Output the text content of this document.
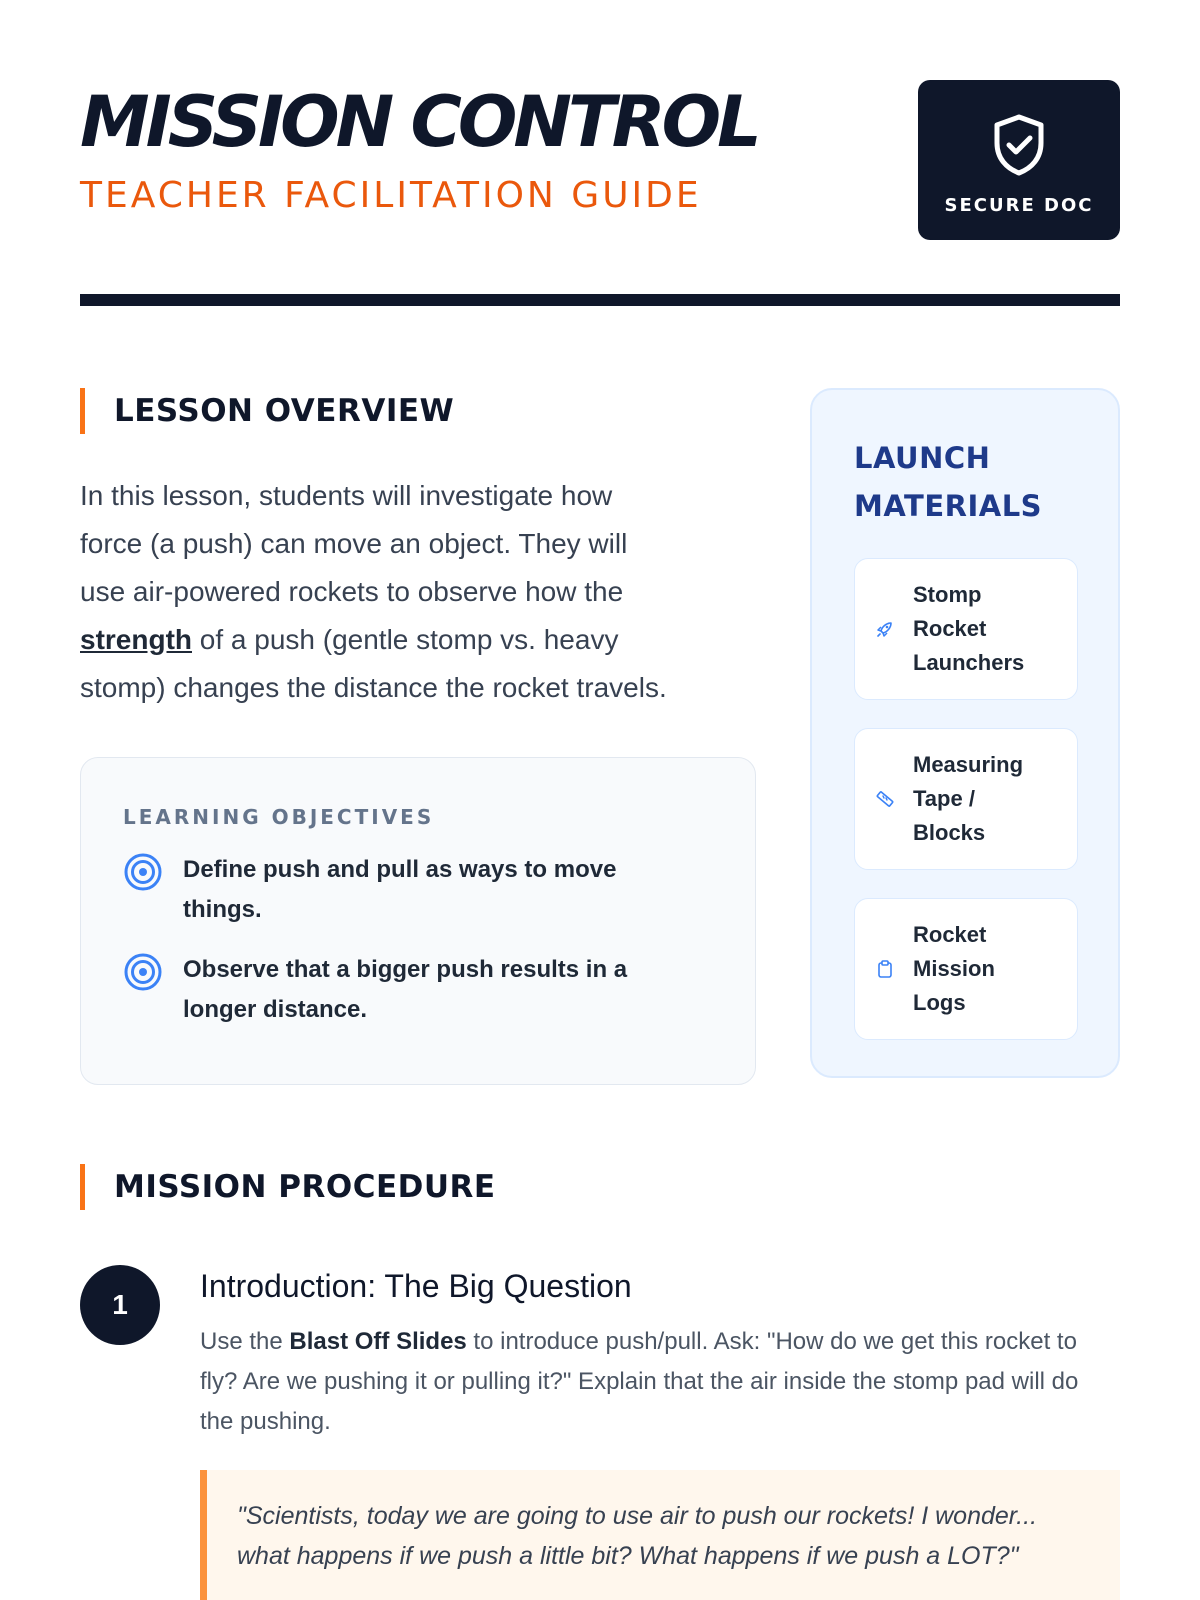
MISSION CONTROL
TEACHER FACILITATION GUIDE	SECURE DOC
LESSON OVERVIEW

In this lesson, students will investigate how force (a push) can move an object. They will use air-powered rockets to observe how the strength of a push (gentle stomp vs. heavy stomp) changes the distance the rocket travels.

LEARNING OBJECTIVES
Define push and pull as ways to move things.
Observe that a bigger push results in a longer distance.
LAUNCH MATERIALS
Stomp Rocket Launchers
Measuring Tape / Blocks
Rocket Mission Logs
MISSION PROCEDURE
1
Introduction: The Big Question

Use the Blast Off Slides to introduce push/pull. Ask: "How do we get this rocket to fly? Are we pushing it or pulling it?" Explain that the air inside the stomp pad will do the pushing.

"Scientists, today we are going to use air to push our rockets! I wonder... what happens if we push a little bit? What happens if we push a LOT?"
